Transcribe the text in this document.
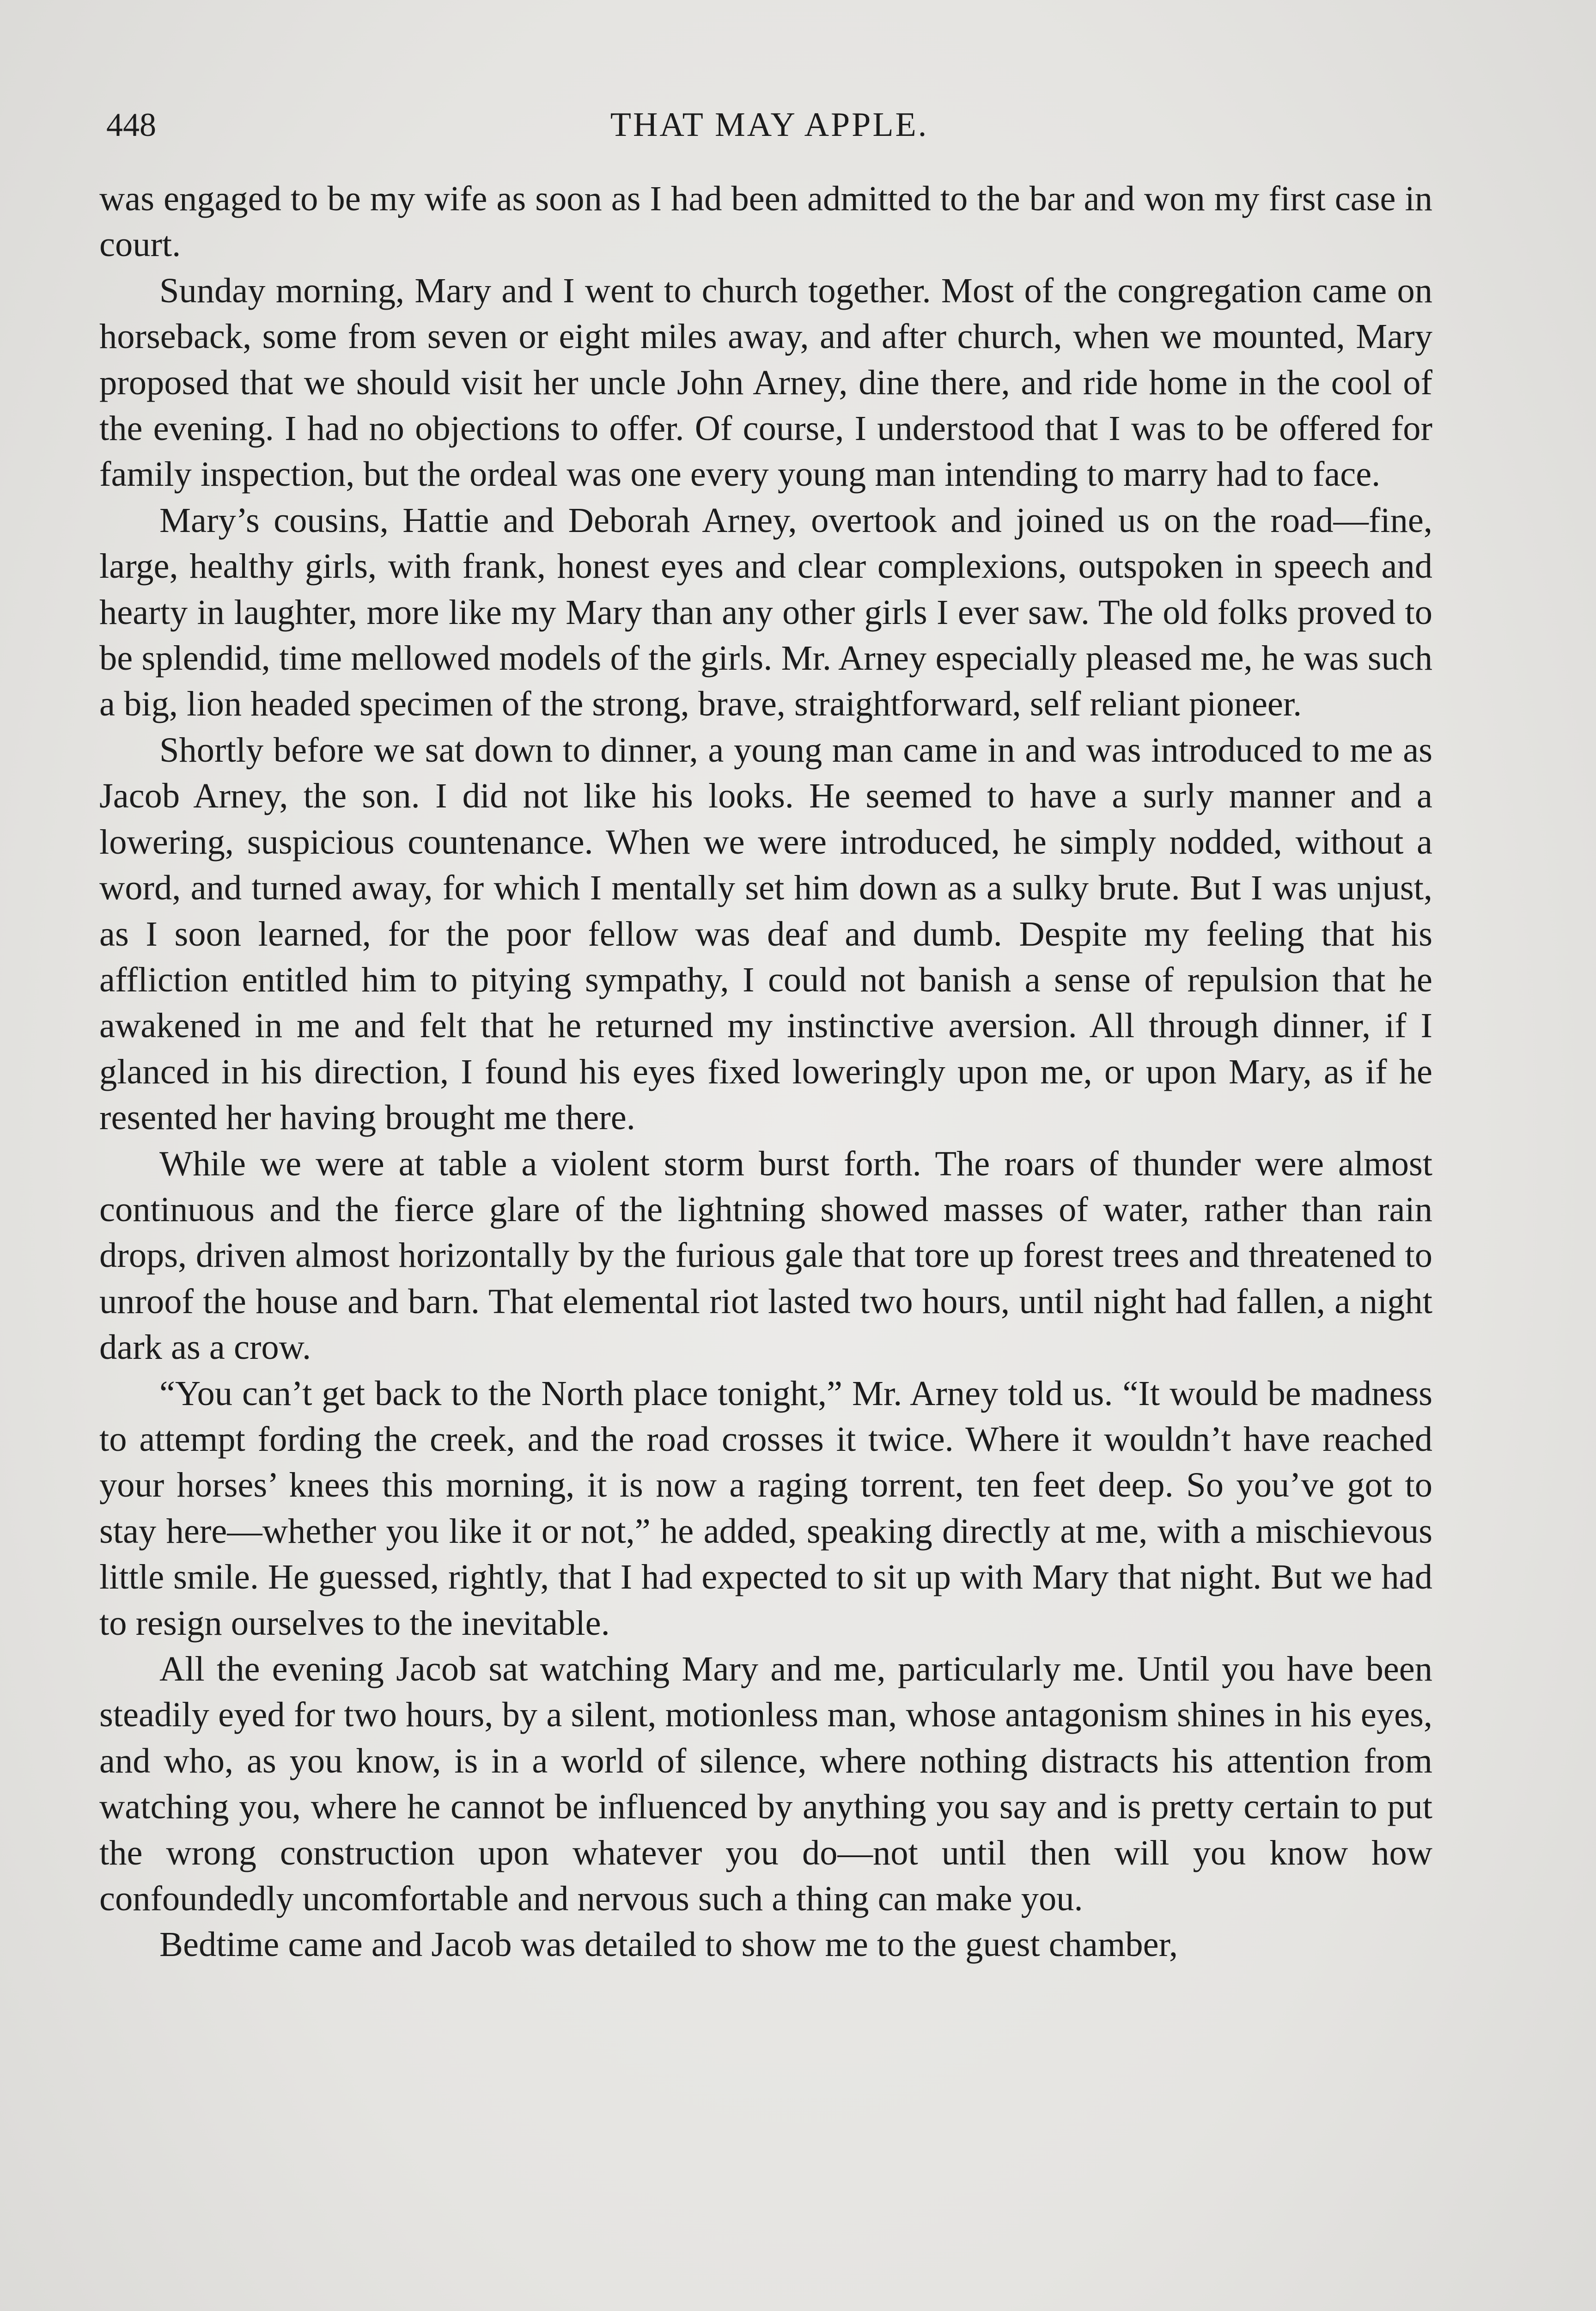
448	THAT MAY APPLE.

was engaged to be my wife as soon as I had been admitted to the bar and won my first case in court.

Sunday morning, Mary and I went to church together. Most of the congregation came on horseback, some from seven or eight miles away, and after church, when we mounted, Mary proposed that we should visit her uncle John Arney, dine there, and ride home in the cool of the evening. I had no objections to offer. Of course, I understood that I was to be offered for family inspection, but the ordeal was one every young man intending to marry had to face.

Mary’s cousins, Hattie and Deborah Arney, overtook and joined us on the road—fine, large, healthy girls, with frank, honest eyes and clear complexions, outspoken in speech and hearty in laughter, more like my Mary than any other girls I ever saw. The old folks proved to be splendid, time mellowed models of the girls. Mr. Arney especially pleased me, he was such a big, lion headed specimen of the strong, brave, straightforward, self reliant pioneer.

Shortly before we sat down to dinner, a young man came in and was introduced to me as Jacob Arney, the son. I did not like his looks. He seemed to have a surly manner and a lowering, suspicious countenance. When we were introduced, he simply nodded, without a word, and turned away, for which I mentally set him down as a sulky brute. But I was unjust, as I soon learned, for the poor fellow was deaf and dumb. Despite my feeling that his affliction entitled him to pitying sympathy, I could not banish a sense of repulsion that he awakened in me and felt that he returned my instinctive aversion. All through dinner, if I glanced in his direction, I found his eyes fixed loweringly upon me, or upon Mary, as if he resented her having brought me there.

While we were at table a violent storm burst forth. The roars of thunder were almost continuous and the fierce glare of the lightning showed masses of water, rather than rain drops, driven almost horizontally by the furious gale that tore up forest trees and threatened to unroof the house and barn. That elemental riot lasted two hours, until night had fallen, a night dark as a crow.

“You can’t get back to the North place tonight,” Mr. Arney told us. “It would be madness to attempt fording the creek, and the road crosses it twice. Where it wouldn’t have reached your horses’ knees this morning, it is now a raging torrent, ten feet deep. So you’ve got to stay here—whether you like it or not,” he added, speaking directly at me, with a mischievous little smile. He guessed, rightly, that I had expected to sit up with Mary that night. But we had to resign ourselves to the inevitable.

All the evening Jacob sat watching Mary and me, particularly me. Until you have been steadily eyed for two hours, by a silent, motionless man, whose antagonism shines in his eyes, and who, as you know, is in a world of silence, where nothing distracts his attention from watching you, where he cannot be influenced by anything you say and is pretty certain to put the wrong construction upon whatever you do—not until then will you know how confoundedly uncomfortable and nervous such a thing can make you.

Bedtime came and Jacob was detailed to show me to the guest chamber,
